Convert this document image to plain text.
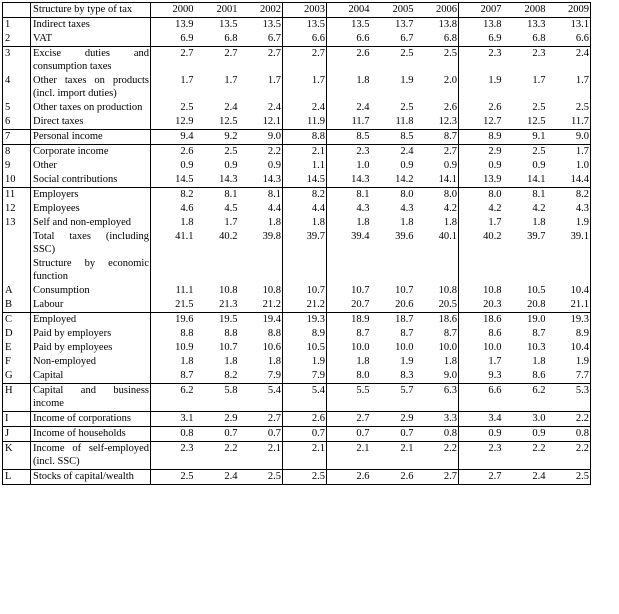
	Structure by type of tax	2000	2001	2002	2003	2004	2005	2006	2007	2008	2009
1	Indirect taxes	13.9	13.5	13.5	13.5	13.5	13.7	13.8	13.8	13.3	13.1
2	VAT	6.9	6.8	6.7	6.6	6.6	6.7	6.8	6.9	6.8	6.6
3	Excise duties and consumption taxes	2.7	2.7	2.7	2.7	2.6	2.5	2.5	2.3	2.3	2.4
4	Other taxes on products (incl. import duties)	1.7	1.7	1.7	1.7	1.8	1.9	2.0	1.9	1.7	1.7
5	Other taxes on production	2.5	2.4	2.4	2.4	2.4	2.5	2.6	2.6	2.5	2.5
6	Direct taxes	12.9	12.5	12.1	11.9	11.7	11.8	12.3	12.7	12.5	11.7
7	Personal income	9.4	9.2	9.0	8.8	8.5	8.5	8.7	8.9	9.1	9.0
8	Corporate income	2.6	2.5	2.2	2.1	2.3	2.4	2.7	2.9	2.5	1.7
9	Other	0.9	0.9	0.9	1.1	1.0	0.9	0.9	0.9	0.9	1.0
10	Social contributions	14.5	14.3	14.3	14.5	14.3	14.2	14.1	13.9	14.1	14.4
11	Employers	8.2	8.1	8.1	8.2	8.1	8.0	8.0	8.0	8.1	8.2
12	Employees	4.6	4.5	4.4	4.4	4.3	4.3	4.2	4.2	4.2	4.3
13	Self and non-employed	1.8	1.7	1.8	1.8	1.8	1.8	1.8	1.7	1.8	1.9
	Total taxes (including SSC)	41.1	40.2	39.8	39.7	39.4	39.6	40.1	40.2	39.7	39.1
	Structure by economic function										
A	Consumption	11.1	10.8	10.8	10.7	10.7	10.7	10.8	10.8	10.5	10.4
B	Labour	21.5	21.3	21.2	21.2	20.7	20.6	20.5	20.3	20.8	21.1
C	Employed	19.6	19.5	19.4	19.3	18.9	18.7	18.6	18.6	19.0	19.3
D	Paid by employers	8.8	8.8	8.8	8.9	8.7	8.7	8.7	8.6	8.7	8.9
E	Paid by employees	10.9	10.7	10.6	10.5	10.0	10.0	10.0	10.0	10.3	10.4
F	Non-employed	1.8	1.8	1.8	1.9	1.8	1.9	1.8	1.7	1.8	1.9
G	Capital	8.7	8.2	7.9	7.9	8.0	8.3	9.0	9.3	8.6	7.7
H	Capital and business income	6.2	5.8	5.4	5.4	5.5	5.7	6.3	6.6	6.2	5.3
I	Income of corporations	3.1	2.9	2.7	2.6	2.7	2.9	3.3	3.4	3.0	2.2
J	Income of households	0.8	0.7	0.7	0.7	0.7	0.7	0.8	0.9	0.9	0.8
K	Income of self-employed (incl. SSC)	2.3	2.2	2.1	2.1	2.1	2.1	2.2	2.3	2.2	2.2
L	Stocks of capital/wealth	2.5	2.4	2.5	2.5	2.6	2.6	2.7	2.7	2.4	2.5
